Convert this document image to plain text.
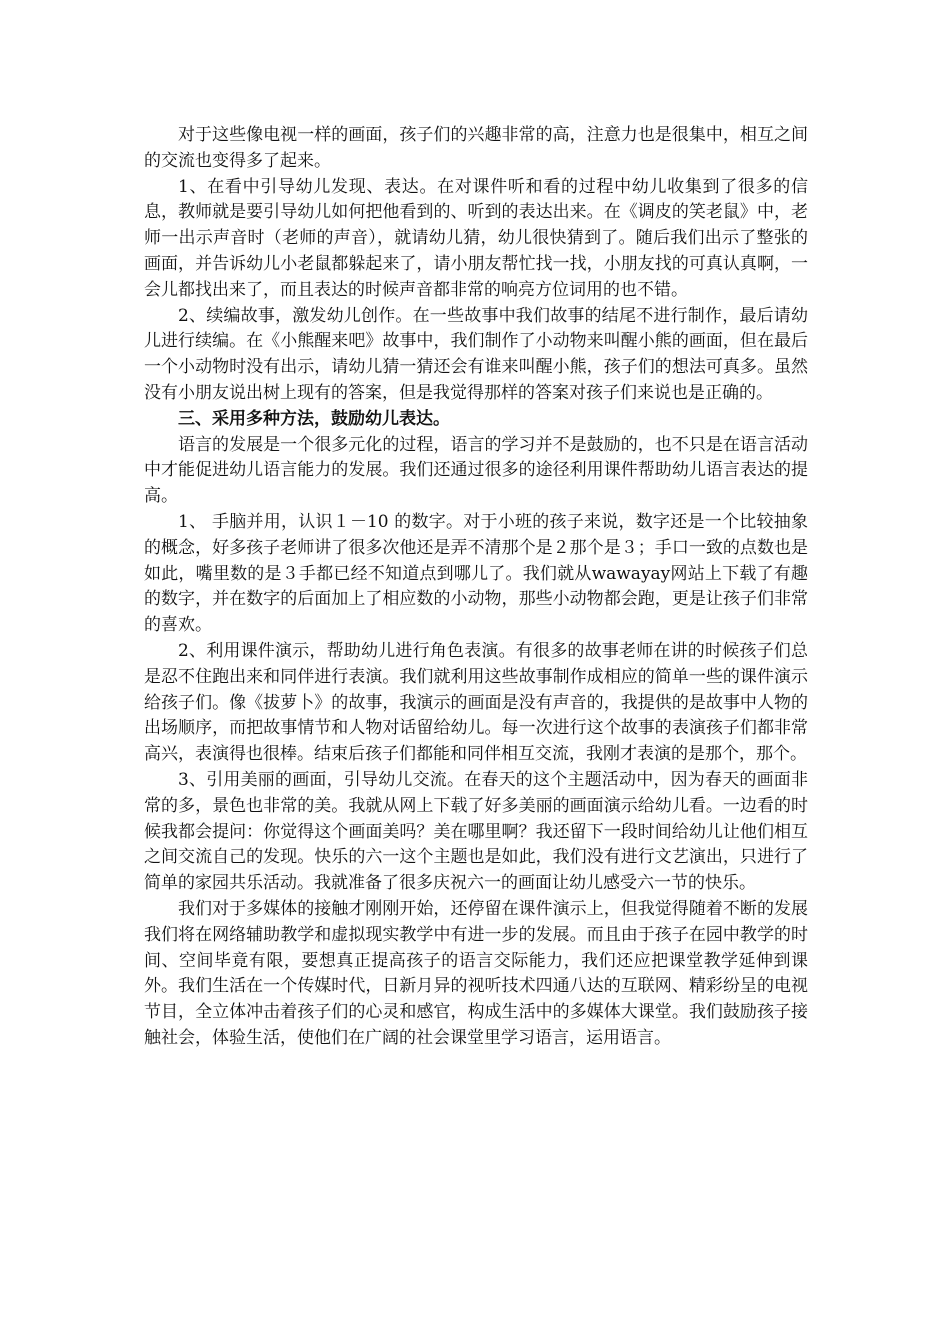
对于这些像电视一样的画面，孩子们的兴趣非常的高，注意力也是很集中，相互之间的交流也变得多了起来。

1、在看中引导幼儿发现、表达。在对课件听和看的过程中幼儿收集到了很多的信息，教师就是要引导幼儿如何把他看到的、听到的表达出来。在《调皮的笑老鼠》中，老师一出示声音时（老师的声音），就请幼儿猜，幼儿很快猜到了。随后我们出示了整张的画面，并告诉幼儿小老鼠都躲起来了，请小朋友帮忙找一找，小朋友找的可真认真啊，一会儿都找出来了，而且表达的时候声音都非常的响亮方位词用的也不错。

2、续编故事，激发幼儿创作。在一些故事中我们故事的结尾不进行制作，最后请幼儿进行续编。在《小熊醒来吧》故事中，我们制作了小动物来叫醒小熊的画面，但在最后一个小动物时没有出示，请幼儿猜一猜还会有谁来叫醒小熊，孩子们的想法可真多。虽然没有小朋友说出树上现有的答案，但是我觉得那样的答案对孩子们来说也是正确的。

三、采用多种方法，鼓励幼儿表达。

语言的发展是一个很多元化的过程，语言的学习并不是鼓励的，也不只是在语言活动中才能促进幼儿语言能力的发展。我们还通过很多的途径利用课件帮助幼儿语言表达的提高。

1、 手脑并用，认识１－10 的数字。对于小班的孩子来说，数字还是一个比较抽象的概念，好多孩子老师讲了很多次他还是弄不清那个是２那个是３；手口一致的点数也是如此，嘴里数的是３手都已经不知道点到哪儿了。我们就从wawayay网站上下载了有趣的数字，并在数字的后面加上了相应数的小动物，那些小动物都会跑，更是让孩子们非常的喜欢。

2、利用课件演示，帮助幼儿进行角色表演。有很多的故事老师在讲的时候孩子们总是忍不住跑出来和同伴进行表演。我们就利用这些故事制作成相应的简单一些的课件演示给孩子们。像《拔萝卜》的故事，我演示的画面是没有声音的，我提供的是故事中人物的出场顺序，而把故事情节和人物对话留给幼儿。每一次进行这个故事的表演孩子们都非常高兴，表演得也很棒。结束后孩子们都能和同伴相互交流，我刚才表演的是那个，那个。

3、引用美丽的画面，引导幼儿交流。在春天的这个主题活动中，因为春天的画面非常的多，景色也非常的美。我就从网上下载了好多美丽的画面演示给幼儿看。一边看的时候我都会提问：你觉得这个画面美吗？美在哪里啊？我还留下一段时间给幼儿让他们相互之间交流自己的发现。快乐的六一这个主题也是如此，我们没有进行文艺演出，只进行了简单的家园共乐活动。我就准备了很多庆祝六一的画面让幼儿感受六一节的快乐。

我们对于多媒体的接触才刚刚开始，还停留在课件演示上，但我觉得随着不断的发展我们将在网络辅助教学和虚拟现实教学中有进一步的发展。而且由于孩子在园中教学的时间、空间毕竟有限，要想真正提高孩子的语言交际能力，我们还应把课堂教学延伸到课外。我们生活在一个传媒时代，日新月异的视听技术四通八达的互联网、精彩纷呈的电视节目，全立体冲击着孩子们的心灵和感官，构成生活中的多媒体大课堂。我们鼓励孩子接触社会，体验生活，使他们在广阔的社会课堂里学习语言，运用语言。
